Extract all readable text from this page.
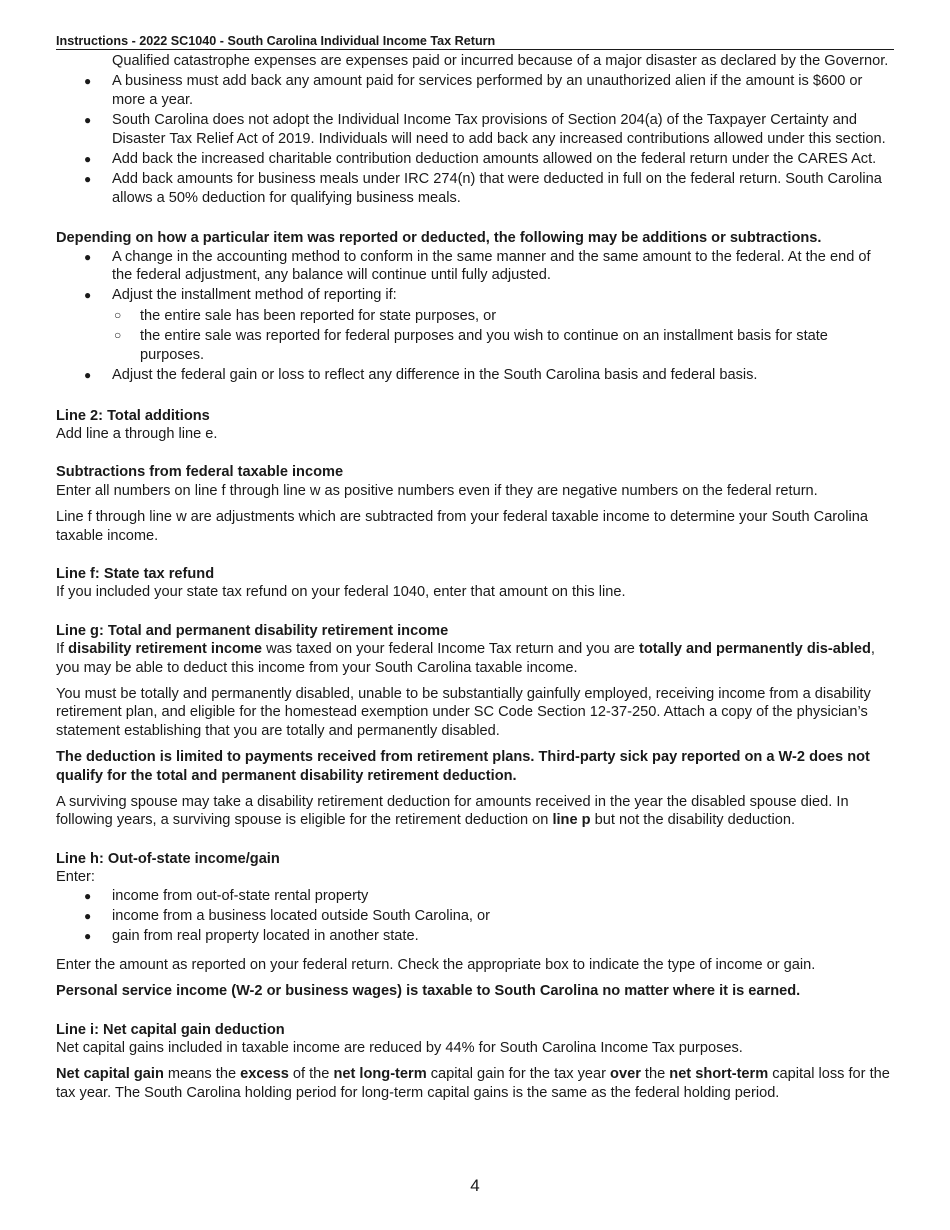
Instructions - 2022 SC1040 - South Carolina Individual Income Tax Return

Qualified catastrophe expenses are expenses paid or incurred because of a major disaster as declared by the Governor.

● A business must add back any amount paid for services performed by an unauthorized alien if the amount is $600 or more a year.
● South Carolina does not adopt the Individual Income Tax provisions of Section 204(a) of the Taxpayer Certainty and Disaster Tax Relief Act of 2019. Individuals will need to add back any increased contributions allowed under this section.
● Add back the increased charitable contribution deduction amounts allowed on the federal return under the CARES Act.
● Add back amounts for business meals under IRC 274(n) that were deducted in full on the federal return. South Carolina allows a 50% deduction for qualifying business meals.

Depending on how a particular item was reported or deducted, the following may be additions or subtractions.

● A change in the accounting method to conform in the same manner and the same amount to the federal. At the end of the federal adjustment, any balance will continue until fully adjusted.
● Adjust the installment method of reporting if:
○ the entire sale has been reported for state purposes, or
○ the entire sale was reported for federal purposes and you wish to continue on an installment basis for state purposes.
● Adjust the federal gain or loss to reflect any difference in the South Carolina basis and federal basis.

Line 2: Total additions

Add line a through line e.

Subtractions from federal taxable income

Enter all numbers on line f through line w as positive numbers even if they are negative numbers on the federal return.

Line f through line w are adjustments which are subtracted from your federal taxable income to determine your South Carolina taxable income.

Line f: State tax refund

If you included your state tax refund on your federal 1040, enter that amount on this line.

Line g: Total and permanent disability retirement income

If disability retirement income was taxed on your federal Income Tax return and you are totally and permanently dis-abled, you may be able to deduct this income from your South Carolina taxable income.

You must be totally and permanently disabled, unable to be substantially gainfully employed, receiving income from a disability retirement plan, and eligible for the homestead exemption under SC Code Section 12-37-250. Attach a copy of the physician’s statement establishing that you are totally and permanently disabled.

The deduction is limited to payments received from retirement plans. Third-party sick pay reported on a W-2 does not qualify for the total and permanent disability retirement deduction.

A surviving spouse may take a disability retirement deduction for amounts received in the year the disabled spouse died. In following years, a surviving spouse is eligible for the retirement deduction on line p but not the disability deduction.

Line h: Out-of-state income/gain

Enter:

● income from out-of-state rental property
● income from a business located outside South Carolina, or
● gain from real property located in another state.

Enter the amount as reported on your federal return. Check the appropriate box to indicate the type of income or gain.

Personal service income (W-2 or business wages) is taxable to South Carolina no matter where it is earned.

Line i: Net capital gain deduction

Net capital gains included in taxable income are reduced by 44% for South Carolina Income Tax purposes.

Net capital gain means the excess of the net long-term capital gain for the tax year over the net short-term capital loss for the tax year. The South Carolina holding period for long-term capital gains is the same as the federal holding period.

4
